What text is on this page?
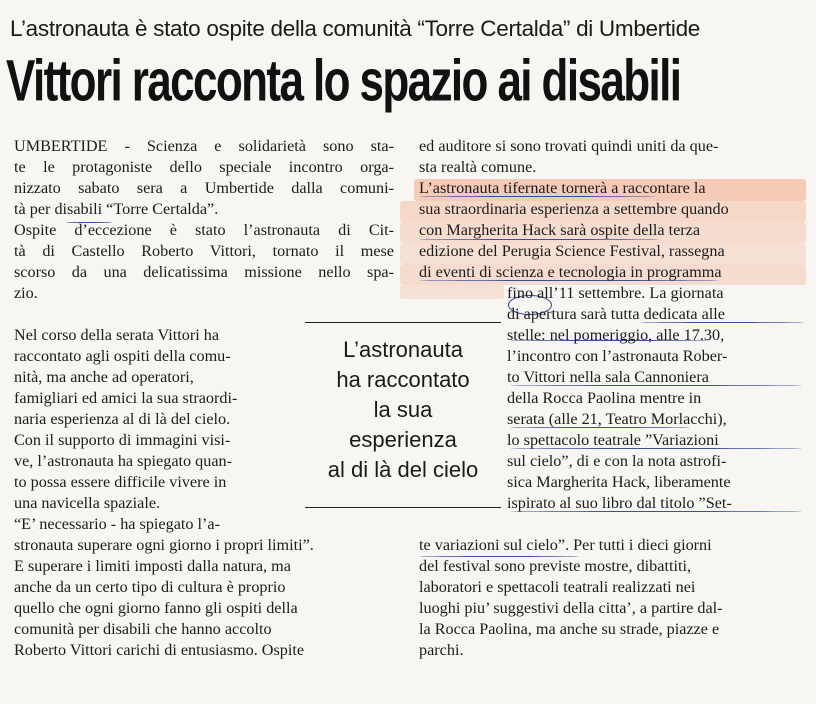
L’astronauta è stato ospite della comunità “Torre Certalda” di Umbertide
Vittori racconta lo spazio ai disabili
UMBERTIDE - Scienza e solidarietà sono sta-
te le protagoniste dello speciale incontro orga-
nizzato sabato sera a Umbertide dalla comuni-
tà per disabili “Torre Certalda”.
Ospite d’eccezione è stato l’astronauta di Cit-
tà di Castello Roberto Vittori, tornato il mese
scorso da una delicatissima missione nello spa-
zio.
Nel corso della serata Vittori ha
raccontato agli ospiti della comu-
nità, ma anche ad operatori,
famigliari ed amici la sua straordi-
naria esperienza al di là del cielo.
Con il supporto di immagini visi-
ve, l’astronauta ha spiegato quan-
to possa essere difficile vivere in
una navicella spaziale.
“E’ necessario - ha spiegato l’a-
L’astronauta
ha raccontato
la sua
esperienza
al di là del cielo
stronauta superare ogni giorno i propri limiti”.
E superare i limiti imposti dalla natura, ma
anche da un certo tipo di cultura è proprio
quello che ogni giorno fanno gli ospiti della
comunità per disabili che hanno accolto
Roberto Vittori carichi di entusiasmo. Ospite
ed auditore si sono trovati quindi uniti da que-
sta realtà comune.
L’astronauta tifernate tornerà a raccontare la
sua straordinaria esperienza a settembre quando
con Margherita Hack sarà ospite della terza
edizione del Perugia Science Festival, rassegna
di eventi di scienza e tecnologia in programma
fino all’11 settembre. La giornata
di apertura sarà tutta dedicata alle
stelle: nel pomeriggio, alle 17.30,
l’incontro con l’astronauta Rober-
to Vittori nella sala Cannoniera
della Rocca Paolina mentre in
serata (alle 21, Teatro Morlacchi),
lo spettacolo teatrale ”Variazioni
sul cielo”, di e con la nota astrofi-
sica Margherita Hack, liberamente
ispirato al suo libro dal titolo ”Set-
te variazioni sul cielo”. Per tutti i dieci giorni
del festival sono previste mostre, dibattiti,
laboratori e spettacoli teatrali realizzati nei
luoghi piu’ suggestivi della citta’, a partire dal-
la Rocca Paolina, ma anche su strade, piazze e
parchi.
